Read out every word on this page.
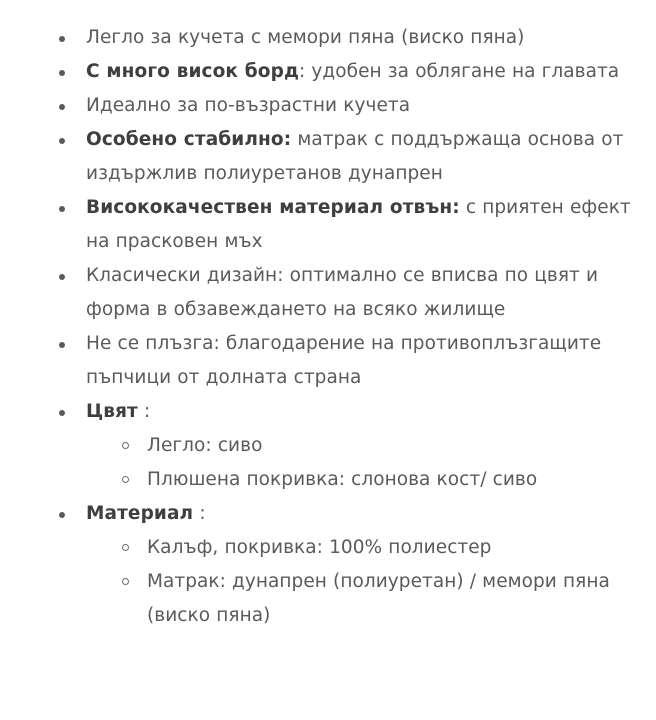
Легло за кучета с мемори пяна (виско пяна)
С много висок борд: удобен за облягане на главата
Идеално за по-възрастни кучета
Особено стабилно: матрак с поддържаща основа от издържлив полиуретанов дунапрен
Висококачествен материал отвън: с приятен ефект на прасковен мъх
Класически дизайн: оптимално се вписва по цвят и форма в обзавеждането на всяко жилище
Не се плъзга: благодарение на противоплъзгащите пъпчици от долната страна
Цвят :
Легло: сиво
Плюшена покривка: слонова кост/ сиво
Материал :
Калъф, покривка: 100% полиестер
Матрак: дунапрен (полиуретан) / мемори пяна (виско пяна)
